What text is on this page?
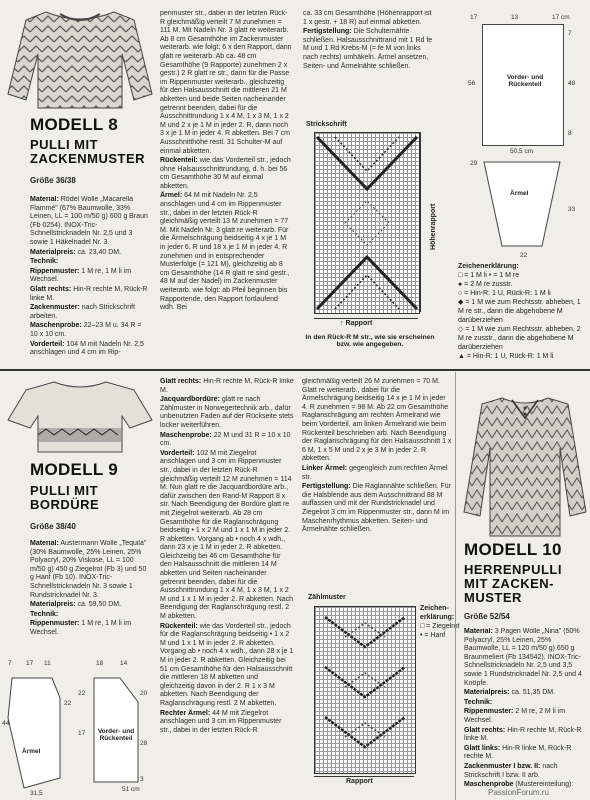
MODELL 8
PULLI MIT
ZACKENMUSTER
Größe 36/38

Material: Rödel Wolle „Macarella Flammé" (67% Baumwolle, 33% Leinen, LL = 100 m/50 g) 600 g Braun (Fb 0254). INOX-Tric-Schnellstricknadeln Nr. 2,5 und 3 sowie 1 Häkelnadel Nr. 3.

Materialpreis: ca. 23,40 DM.

Technik:

Rippenmuster: 1 M re, 1 M li im Wechsel.

Glatt rechts: Hin-R rechte M, Rück-R linke M.

Zackenmuster: nach Strickschrift arbeiten.

Maschenprobe: 22–23 M u. 34 R = 10 x 10 cm.

Vorderteil: 104 M mit Nadeln Nr. 2,5 anschlagen und 4 cm im Rip-

penmuster str., dabei in der letzten Rück-R gleichmäßig verteilt 7 M zunehmen = 111 M. Mit Nadeln Nr. 3 glatt re weiterarb. Ab 8 cm Gesamthöhe im Zackenmuster weiterarb. wie folgt: 6 x den Rapport, dann glatt re weiterarb. Ab ca. 48 cm Gesamthöhe (9 Rapporte) zunehmen 2 x gestr.) 2 R glatt re str., dann für die Passe im Rippenmuster weiterarb., gleichzeitig für den Halsausschnitt die mittleren 21 M abketten und beide Seiten nacheinander getrennt beenden, dabei für die Ausschnittrundung 1 x 4 M, 1 x 3 M, 1 x 2 M und 2 x je 1 M in jeder 2. R, dann noch 3 x je 1 M in jeder 4. R abketten. Bei 7 cm Ausschnitthöhe restl. 31 Schulter-M auf einmal abketten.

Rückenteil: wie das Vorderteil str., jedoch ohne Halsausschnittrundung, d. h. bei 56 cm Gesamthöhe 30 M auf einmal abketten.

Ärmel: 64 M mit Nadeln Nr. 2,5 anschlagen und 4 cm im Rippenmuster str., dabei in der letzten Rück-R gleichmäßig verteilt 13 M zunehmen = 77 M. Mit Nadeln Nr. 3 glatt re weiterarb. Für die Ärmelschrägung beidseitig 4 x je 1 M in jeder 6. R und 18 x je 1 M in jeder 4. R zunehmen und in entsprechender Musterfolge (= 121 M), gleichzeitig ab 8 cm Gesamthöhe (14 R glatt re sind gestr., 48 M auf der Nadel) im Zackenmuster weiterarb. wie folgt: ab Pfeil beginnen bis Rapportende, den Rapport fortlaufend wdh. Bei

ca. 33 cm Gesamthöhe (Höhenrapport ist 1 x gestr. + 18 R) auf einmal abketten.

Fertigstellung: Die Schulternähte schließen. Halsausschnittrand mit 1 Rd fe M und 1 Rd Krebs-M (= fe M von links nach rechts) umhäkeln. Ärmel ansetzen, Seiten- und Ärmelnähte schließen.

Strickschrift
Höhenrapport
↑ Rapport
In den Rück-R M str., wie sie erscheinen bzw. wie angegeben.
17	13	17 cm
Vorder- und Rückenteil
7
48
56
8
50,5 cm
Ärmel
29
22
33
Zeichenerklärung:
□ = 1 M li • = 1 M re
● = 2 M re zusstr.
○ = Hin-R: 1 U, Rück-R: 1 M li
◆ = 1 M wie zum Rechtsstr. abheben, 1 M re str., dann die abgehobene M darüberziehen
◇ = 1 M wie zum Rechtsstr. abheben, 2 M re zusstr., dann die abgehobene M darüberziehen
▲ = Hin-R: 1 U, Rück-R: 1 M li
MODELL 9
PULLI MIT
BORDÜRE
Größe 38/40

Material: Austermann Wolle „Tequila" (30% Baumwolle, 25% Leinen, 25% Polyacryl, 20% Viskose, LL = 100 m/50 g) 450 g Ziegelrot (Fb 3) und 50 g Hanf (Fb 10). INOX-Tric-Schnellstricknadeln Nr. 3 sowie 1 Rundstricknadel Nr. 3.

Materialpreis: ca. 59,50 DM.

Technik:

Rippenmuster: 1 M re, 1 M li im Wechsel.

Ärmel
Vorder- und Rückenteil
7 17 11	18	14
22
31,5
44
20
22
17
51 cm
28
3

Glatt rechts: Hin-R rechte M, Rück-R linke M.

Jacquardbordüre: glatt re nach Zählmuster in Norwegertechnik arb., dafür unbenutzten Faden auf der Rückseite stets locker weiterführen.

Maschenprobe: 22 M und 31 R = 10 x 10 cm.

Vorderteil: 102 M mit Ziegelrot anschlagen und 3 cm im Rippenmuster str., dabei in der letzten Rück-R gleichmäßig verteilt 12 M zunehmen = 114 M. Nun glatt re die Jacquardbordüre arb., dafür zwischen den Rand-M Rapport 8 x str. Nach Beendigung der Bordüre glatt re mit Ziegelrot weiterarb. Ab 28 cm Gesamthöhe für die Raglanschrägung beidseitig • 1 x 2 M und 1 x 1 M in jeder 2. R abketten. Vorgang ab • noch 4 x wdh., dann 23 x je 1 M in jeder 2. R abketten. Gleichzeitig bei 46 cm Gesamthöhe für den Halsausschnitt die mittleren 14 M abketten und Seiten nacheinander getrennt beenden, dabei für die Ausschnittrundung 1 x 4 M, 1 x 3 M, 1 x 2 M und 1 x 1 M in jeder 2. R abketten. Nach Beendigung der Raglanschrägung restl. 2 M abketten.

Rückenteil: wie das Vorderteil str., jedoch für die Raglanschrägung beidseitig • 1 x 2 M und 1 x 1 M in jeder 2. R abketten. Vorgang ab • noch 4 x wdh., dann 28 x je 1 M in jeder 2. R abketten. Gleichzeitig bei 51 cm Gesamthöhe für den Halsausschnitt die mittleren 18 M abketten und gleichzeitig davon in der 2. R 1 x 3 M abketten. Nach Beendigung der Raglanschrägung restl. 2 M abketten.

Rechter Ärmel: 44 M mit Ziegelrot anschlagen und 3 cm im Rippenmuster str., dabei in der letzten Rück-R

gleichmäßig verteilt 26 M zunehmen = 70 M. Glatt re weiterarb., dabei für die Ärmelschrägung beidseitig 14 x je 1 M in jeder 4. R zunehmen = 98 M. Ab 22 cm Gesamthöhe Raglanschrägung am rechten Ärmelrand wie beim Vorderteil, am linken Ärmelrand wie beim Rückenteil beschrieben arb. Nach Beendigung der Raglanschrägung für den Halsausschnitt 1 x 6 M, 1 x 5 M und 2 x je 3 M in jeder 2. R abketten.

Linker Ärmel: gegengleich zum rechten Ärmel str.

Fertigstellung: Die Raglannähte schließen. Für die Halsblende aus dem Ausschnittrand 88 M auffassen und mit der Rundstricknadel und Ziegelrot 3 cm im Rippenmuster str., dann M im Maschenrhythmus abketten. Seiten- und Ärmelnähte schließen.

Zählmuster
Rapport
Zeichen-erklärung:
□ = Ziegelrot
• = Hanf
MODELL 10
HERRENPULLI
MIT ZACKEN-
MUSTER
Größe 52/54

Material: 3 Pagen Wolle „Nina" (50% Polyacryl, 25% Leinen, 25% Baumwolle, LL = 120 m/50 g) 650 g Braunmeliert (Fb 134542). INOX-Tric-Schnellstricknadeln Nr. 2,5 und 3,5 sowie 1 Rundstricknadel Nr. 2,5 und 4 Knöpfe.

Materialpreis: ca. 51,35 DM.

Technik:

Rippenmuster: 2 M re, 2 M li im Wechsel.

Glatt rechts: Hin-R rechte M, Rück-R linke M.

Glatt links: Hin-R linke M, Rück-R rechte M.

Zackenmuster I bzw. II: nach Strickschrift I bzw. II arb.

Maschenprobe (Mustereinteilung):

PassionForum.ru
